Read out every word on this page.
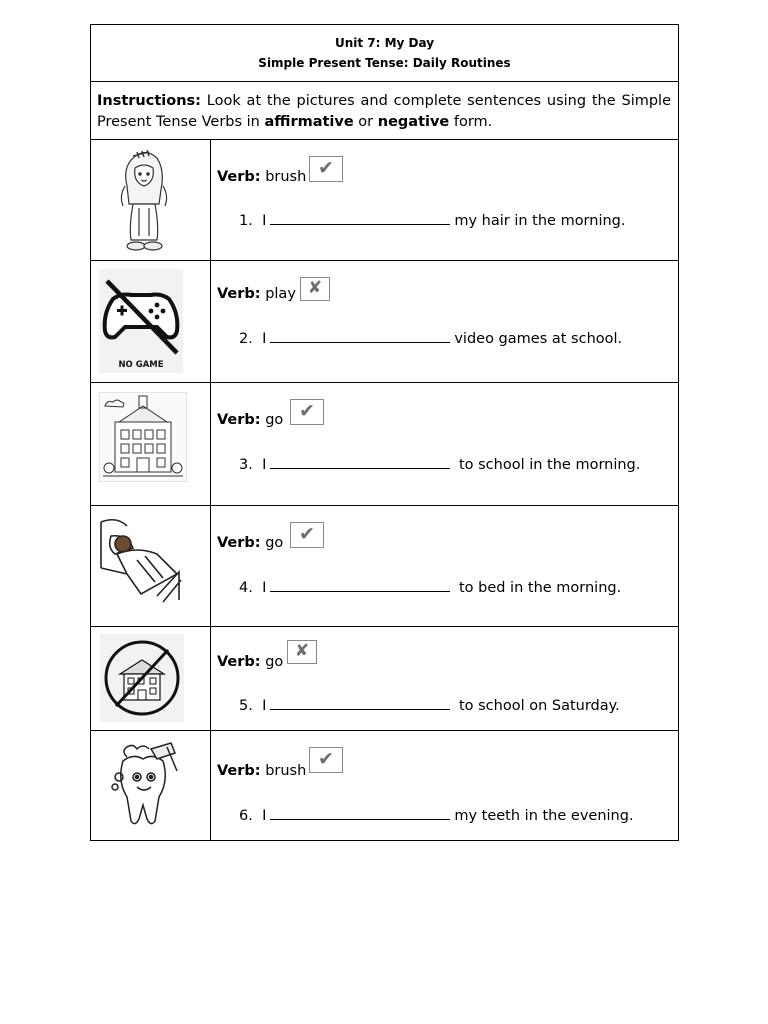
Unit 7: My Day
Simple Present Tense: Daily Routines
Instructions: Look at the pictures and complete sentences using the Simple Present Tense Verbs in affirmative or negative form.
Verb: brush ✔
1. I	my hair in the morning.
NO GAME
Verb: play ✘
2. I	video games at school.
Verb: go ✔
3. I	to school in the morning.
Verb: go ✔
4. I	to bed in the morning.
Verb: go
✘
5. I	to school on Saturday.
Verb: brush
✔
6. I	my teeth in the evening.
